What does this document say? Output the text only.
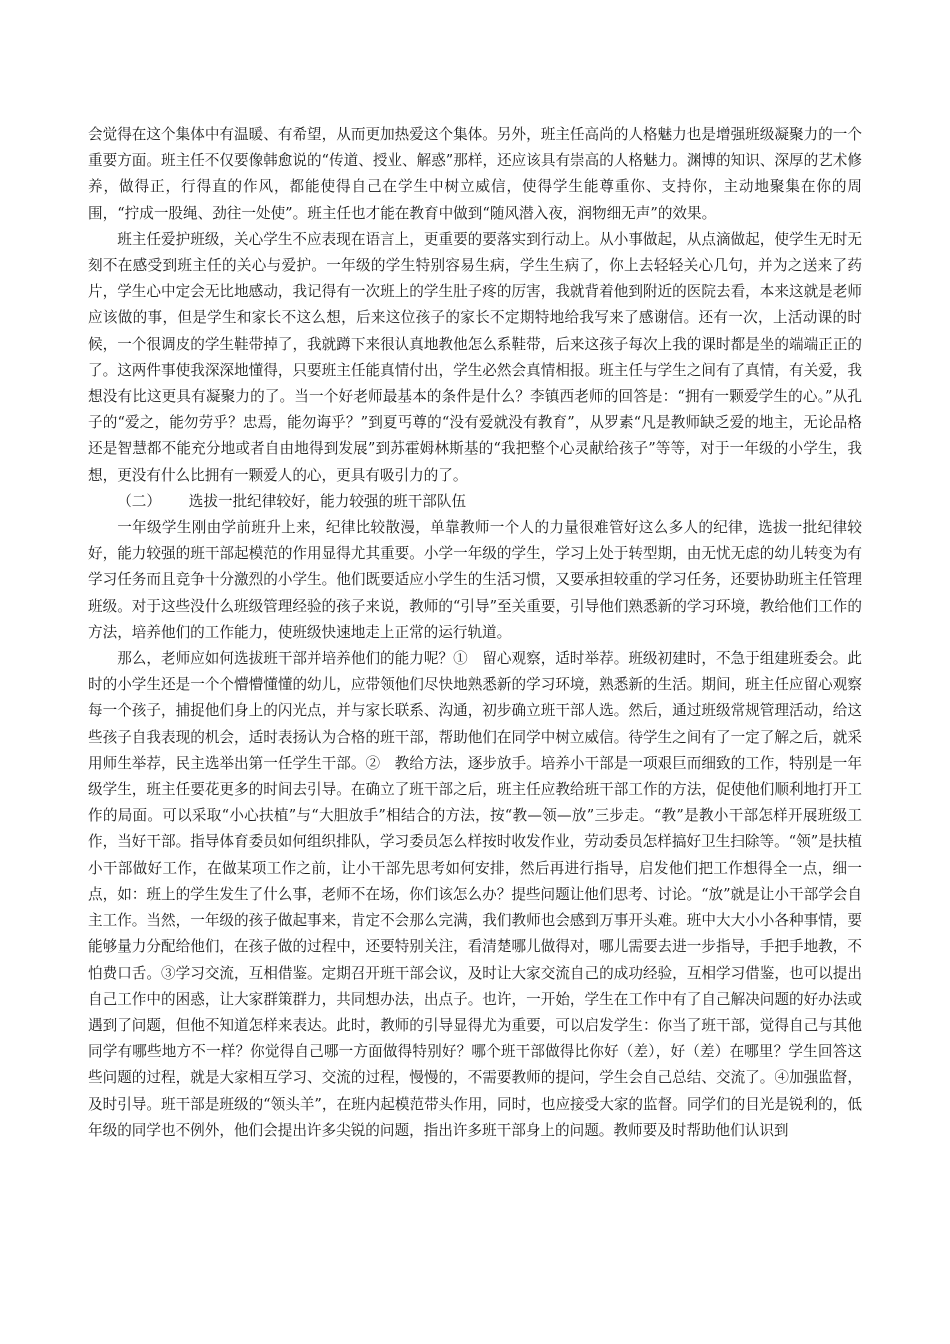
会觉得在这个集体中有温暖、有希望，从而更加热爱这个集体。另外，班主任高尚的人格魅力也是增强班级凝聚力的一个重要方面。班主任不仅要像韩愈说的“传道、授业、解惑”那样，还应该具有崇高的人格魅力。渊博的知识、深厚的艺术修养，做得正，行得直的作风，都能使得自己在学生中树立威信，使得学生能尊重你、支持你，主动地聚集在你的周围，“拧成一股绳、劲往一处使”。班主任也才能在教育中做到“随风潜入夜，润物细无声”的效果。

班主任爱护班级，关心学生不应表现在语言上，更重要的要落实到行动上。从小事做起，从点滴做起，使学生无时无刻不在感受到班主任的关心与爱护。一年级的学生特别容易生病，学生生病了，你上去轻轻关心几句，并为之送来了药片，学生心中定会无比地感动，我记得有一次班上的学生肚子疼的厉害，我就背着他到附近的医院去看，本来这就是老师应该做的事，但是学生和家长不这么想，后来这位孩子的家长不定期特地给我写来了感谢信。还有一次，上活动课的时候，一个很调皮的学生鞋带掉了，我就蹲下来很认真地教他怎么系鞋带，后来这孩子每次上我的课时都是坐的端端正正的了。这两件事使我深深地懂得，只要班主任能真情付出，学生必然会真情相报。班主任与学生之间有了真情，有关爱，我想没有比这更具有凝聚力的了。当一个好老师最基本的条件是什么？李镇西老师的回答是：“拥有一颗爱学生的心。”从孔子的“爱之，能勿劳乎？忠焉，能勿诲乎？”到夏丐尊的“没有爱就没有教育”，从罗素“凡是教师缺乏爱的地主，无论品格还是智慧都不能充分地或者自由地得到发展”到苏霍姆林斯基的“我把整个心灵献给孩子”等等，对于一年级的小学生，我想，更没有什么比拥有一颗爱人的心，更具有吸引力的了。

（二）      选拔一批纪律较好，能力较强的班干部队伍

一年级学生刚由学前班升上来，纪律比较散漫，单靠教师一个人的力量很难管好这么多人的纪律，选拔一批纪律较好，能力较强的班干部起模范的作用显得尤其重要。小学一年级的学生，学习上处于转型期，由无忧无虑的幼儿转变为有学习任务而且竞争十分激烈的小学生。他们既要适应小学生的生活习惯，又要承担较重的学习任务，还要协助班主任管理班级。对于这些没什么班级管理经验的孩子来说，教师的“引导”至关重要，引导他们熟悉新的学习环境，教给他们工作的方法，培养他们的工作能力，使班级快速地走上正常的运行轨道。

那么，老师应如何选拔班干部并培养他们的能力呢？①　留心观察，适时举荐。班级初建时，不急于组建班委会。此时的小学生还是一个个懵懵懂懂的幼儿，应带领他们尽快地熟悉新的学习环境，熟悉新的生活。期间，班主任应留心观察每一个孩子，捕捉他们身上的闪光点，并与家长联系、沟通，初步确立班干部人选。然后，通过班级常规管理活动，给这些孩子自我表现的机会，适时表扬认为合格的班干部，帮助他们在同学中树立威信。待学生之间有了一定了解之后，就采用师生举荐，民主选举出第一任学生干部。②　教给方法，逐步放手。培养小干部是一项艰巨而细致的工作，特别是一年级学生，班主任要花更多的时间去引导。在确立了班干部之后，班主任应教给班干部工作的方法，促使他们顺利地打开工作的局面。可以采取“小心扶植”与“大胆放手”相结合的方法，按“教—领—放”三步走。“教”是教小干部怎样开展班级工作，当好干部。指导体育委员如何组织排队，学习委员怎么样按时收发作业，劳动委员怎样搞好卫生扫除等。“领”是扶植小干部做好工作，在做某项工作之前，让小干部先思考如何安排，然后再进行指导，启发他们把工作想得全一点，细一点，如：班上的学生发生了什么事，老师不在场，你们该怎么办？提些问题让他们思考、讨论。“放”就是让小干部学会自主工作。当然，一年级的孩子做起事来，肯定不会那么完满，我们教师也会感到万事开头难。班中大大小小各种事情，要能够量力分配给他们，在孩子做的过程中，还要特别关注，看清楚哪儿做得对，哪儿需要去进一步指导，手把手地教，不怕费口舌。③学习交流，互相借鉴。定期召开班干部会议，及时让大家交流自己的成功经验，互相学习借鉴，也可以提出自己工作中的困惑，让大家群策群力，共同想办法，出点子。也许，一开始，学生在工作中有了自己解决问题的好办法或遇到了问题，但他不知道怎样来表达。此时，教师的引导显得尤为重要，可以启发学生：你当了班干部，觉得自己与其他同学有哪些地方不一样？你觉得自己哪一方面做得特别好？哪个班干部做得比你好（差），好（差）在哪里？学生回答这些问题的过程，就是大家相互学习、交流的过程，慢慢的，不需要教师的提问，学生会自己总结、交流了。④加强监督，及时引导。班干部是班级的“领头羊”，在班内起模范带头作用，同时，也应接受大家的监督。同学们的目光是锐利的，低年级的同学也不例外，他们会提出许多尖锐的问题，指出许多班干部身上的问题。教师要及时帮助他们认识到
